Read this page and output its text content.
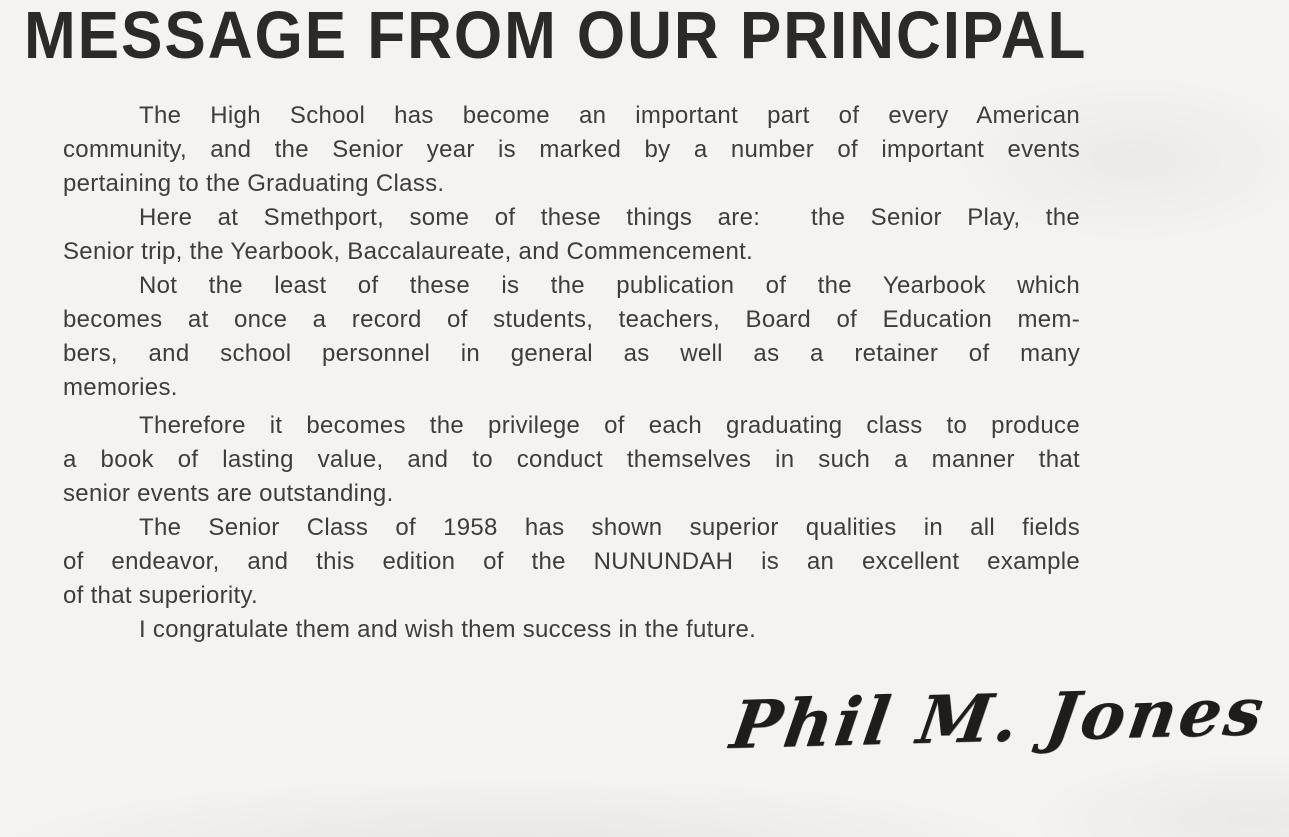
MESSAGE FROM OUR PRINCIPAL
The High School has become an important part of every American
community, and the Senior year is marked by a number of important events
pertaining to the Graduating Class.
Here at Smethport, some of these things are:  the Senior Play, the
Senior trip, the Yearbook, Baccalaureate, and Commencement.
Not the least of these is the publication of the Yearbook which
becomes at once a record of students, teachers, Board of Education mem-
bers, and school personnel in general as well as a retainer of many
memories.
Therefore it becomes the privilege of each graduating class to produce
a book of lasting value, and to conduct themselves in such a manner that
senior events are outstanding.
The Senior Class of 1958 has shown superior qualities in all fields
of endeavor, and this edition of the NUNUNDAH is an excellent example
of that superiority.
I congratulate them and wish them success in the future.
Phil M. Jones
